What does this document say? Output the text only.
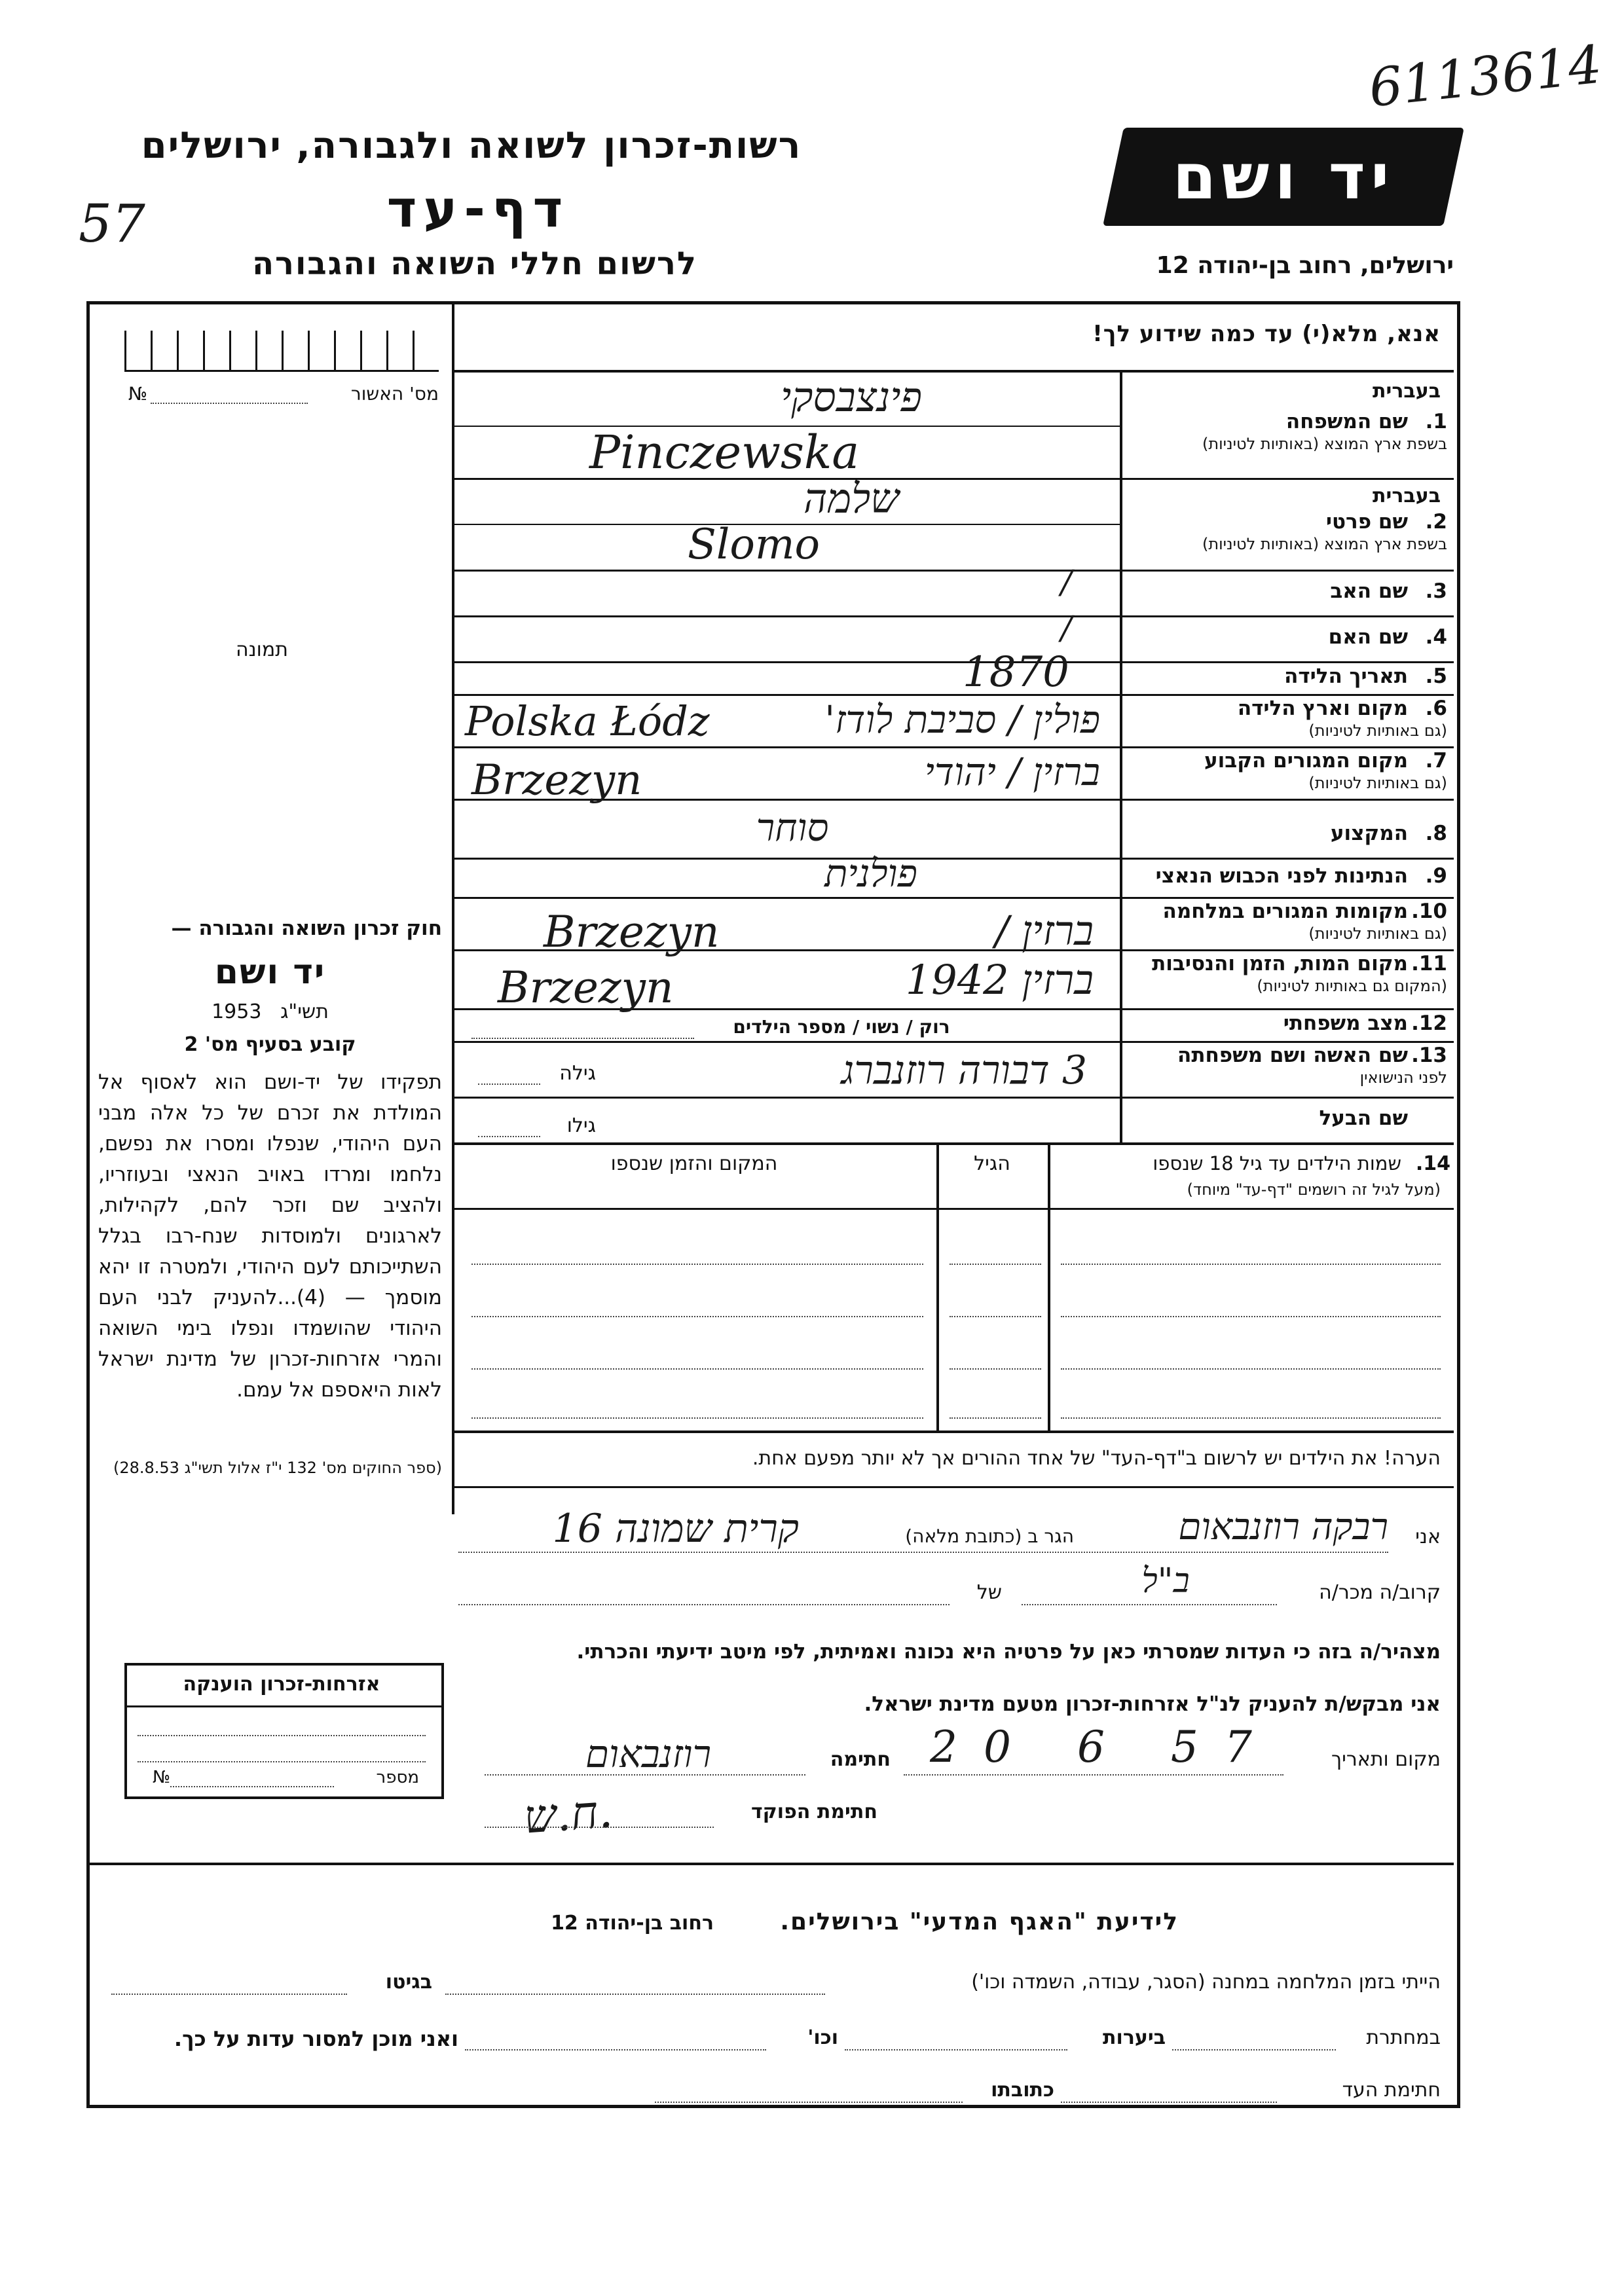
6113614
רשות-זכרון לשואה ולגבורה, ירושלים
דף-עד
57
לרשום חללי השואה והגבורה
יד ושם
ירושלים, רחוב בן-יהודה 12
מס' האשור
№
תמונה
אנא, מלא(י) עד כמה שידוע לך!
בעברית
שם המשפחה 1.
בשפת ארץ המוצא (באותיות לטיניות)
בעברית
שם פרטי 2.
בשפת ארץ המוצא (באותיות לטיניות)
שם האב 3.
שם האם 4.
תאריך הלידה 5.
מקום וארץ הלידה 6.
(גם באותיות לטיניות)
מקום המגורים הקבוע 7.
(גם באותיות לטיניות)
המקצוע 8.
הנתינות לפני הכבוש הנאצי 9.
מקומות המגורים במלחמה 10.
(גם באותיות לטיניות)
מקום המות, הזמן והנסיבות 11.
(המקום גם באותיות לטיניות)
מצב משפחתי 12.
שם האשה ושם משפחתה 13.
לפני הנישואין
שם הבעל
פינצבסקי
Pinczewska
שלמה
Slomo
/
/
1870
פולין / סביבת לודז'
Polska Łódz
ברזין / יהודי
Brzezyn
סוחר
פולנית
ברזין /
Brzezyn
ברזין 1942
Brzezyn
רוק / נשוי / מספר הילדים
3 דבורה רוזנברג
גילה
גילו
14.
שמות הילדים עד גיל 18 שנספו
(מעל לגיל זה רושמים "דף-עד" מיוחד)
הגיל
המקום והזמן שנספו
חוק זכרון השואה והגבורה —
יד ושם
1953 תשי"ג
קובע בסעיף מס' 2
תפקידו של יד-ושם הוא לאסוף אל המולדת את זכרם של כל אלה מבני העם היהודי, שנפלו ומסרו את נפשם, נלחמו ומרדו באויב הנאצי ובעוזריו, ולהציב שם וזכר להם, לקהילות, לארגונים ולמוסדות שנח-רבו בגלל השתייכותם לעם היהודי, ולמטרה זו יהא מוסמך — (4)...להעניק לבני העם היהודי שהושמדו ונפלו בימי השואה והמרי אזרחות-זכרון של מדינת ישראל לאות היאספם אל עמם.
(ספר החוקים מס' 132 י"ז אלול תשי"ג 28.8.53)	הערה! את הילדים יש לרשום ב"דף-העד" של אחד ההורים אך לא יותר מפעם אחת.
אני
רבקה רוזנבאום
הגר ב (כתובת מלאה)
קרית שמונה 16
קרוב/ה מכר/ה
ב"ל
של
מצהיר/ה בזה כי העדות שמסרתי כאן על פרטיה היא נכונה ואמיתית, לפי מיטב ידיעתי והכרתי.
אני מבקש/ת להעניק לנ"ל אזרחות-זכרון מטעם מדינת ישראל.
מקום ותאריך
20 6 57
חתימה
רוזנבאום
חתימת הפוקד
ח.ש.
אזרחות-זכרון הוענקה
מספר
№
לידיעת "האגף המדעי" בירושלים.
רחוב בן-יהודה 12
הייתי בזמן המלחמה במחנה (הסגר, עבודה, השמדה וכו')
בגיטו
במחתרת
ביערות
וכו'
ואני מוכן למסור עדות על כך.
חתימת העד
כתובתו
